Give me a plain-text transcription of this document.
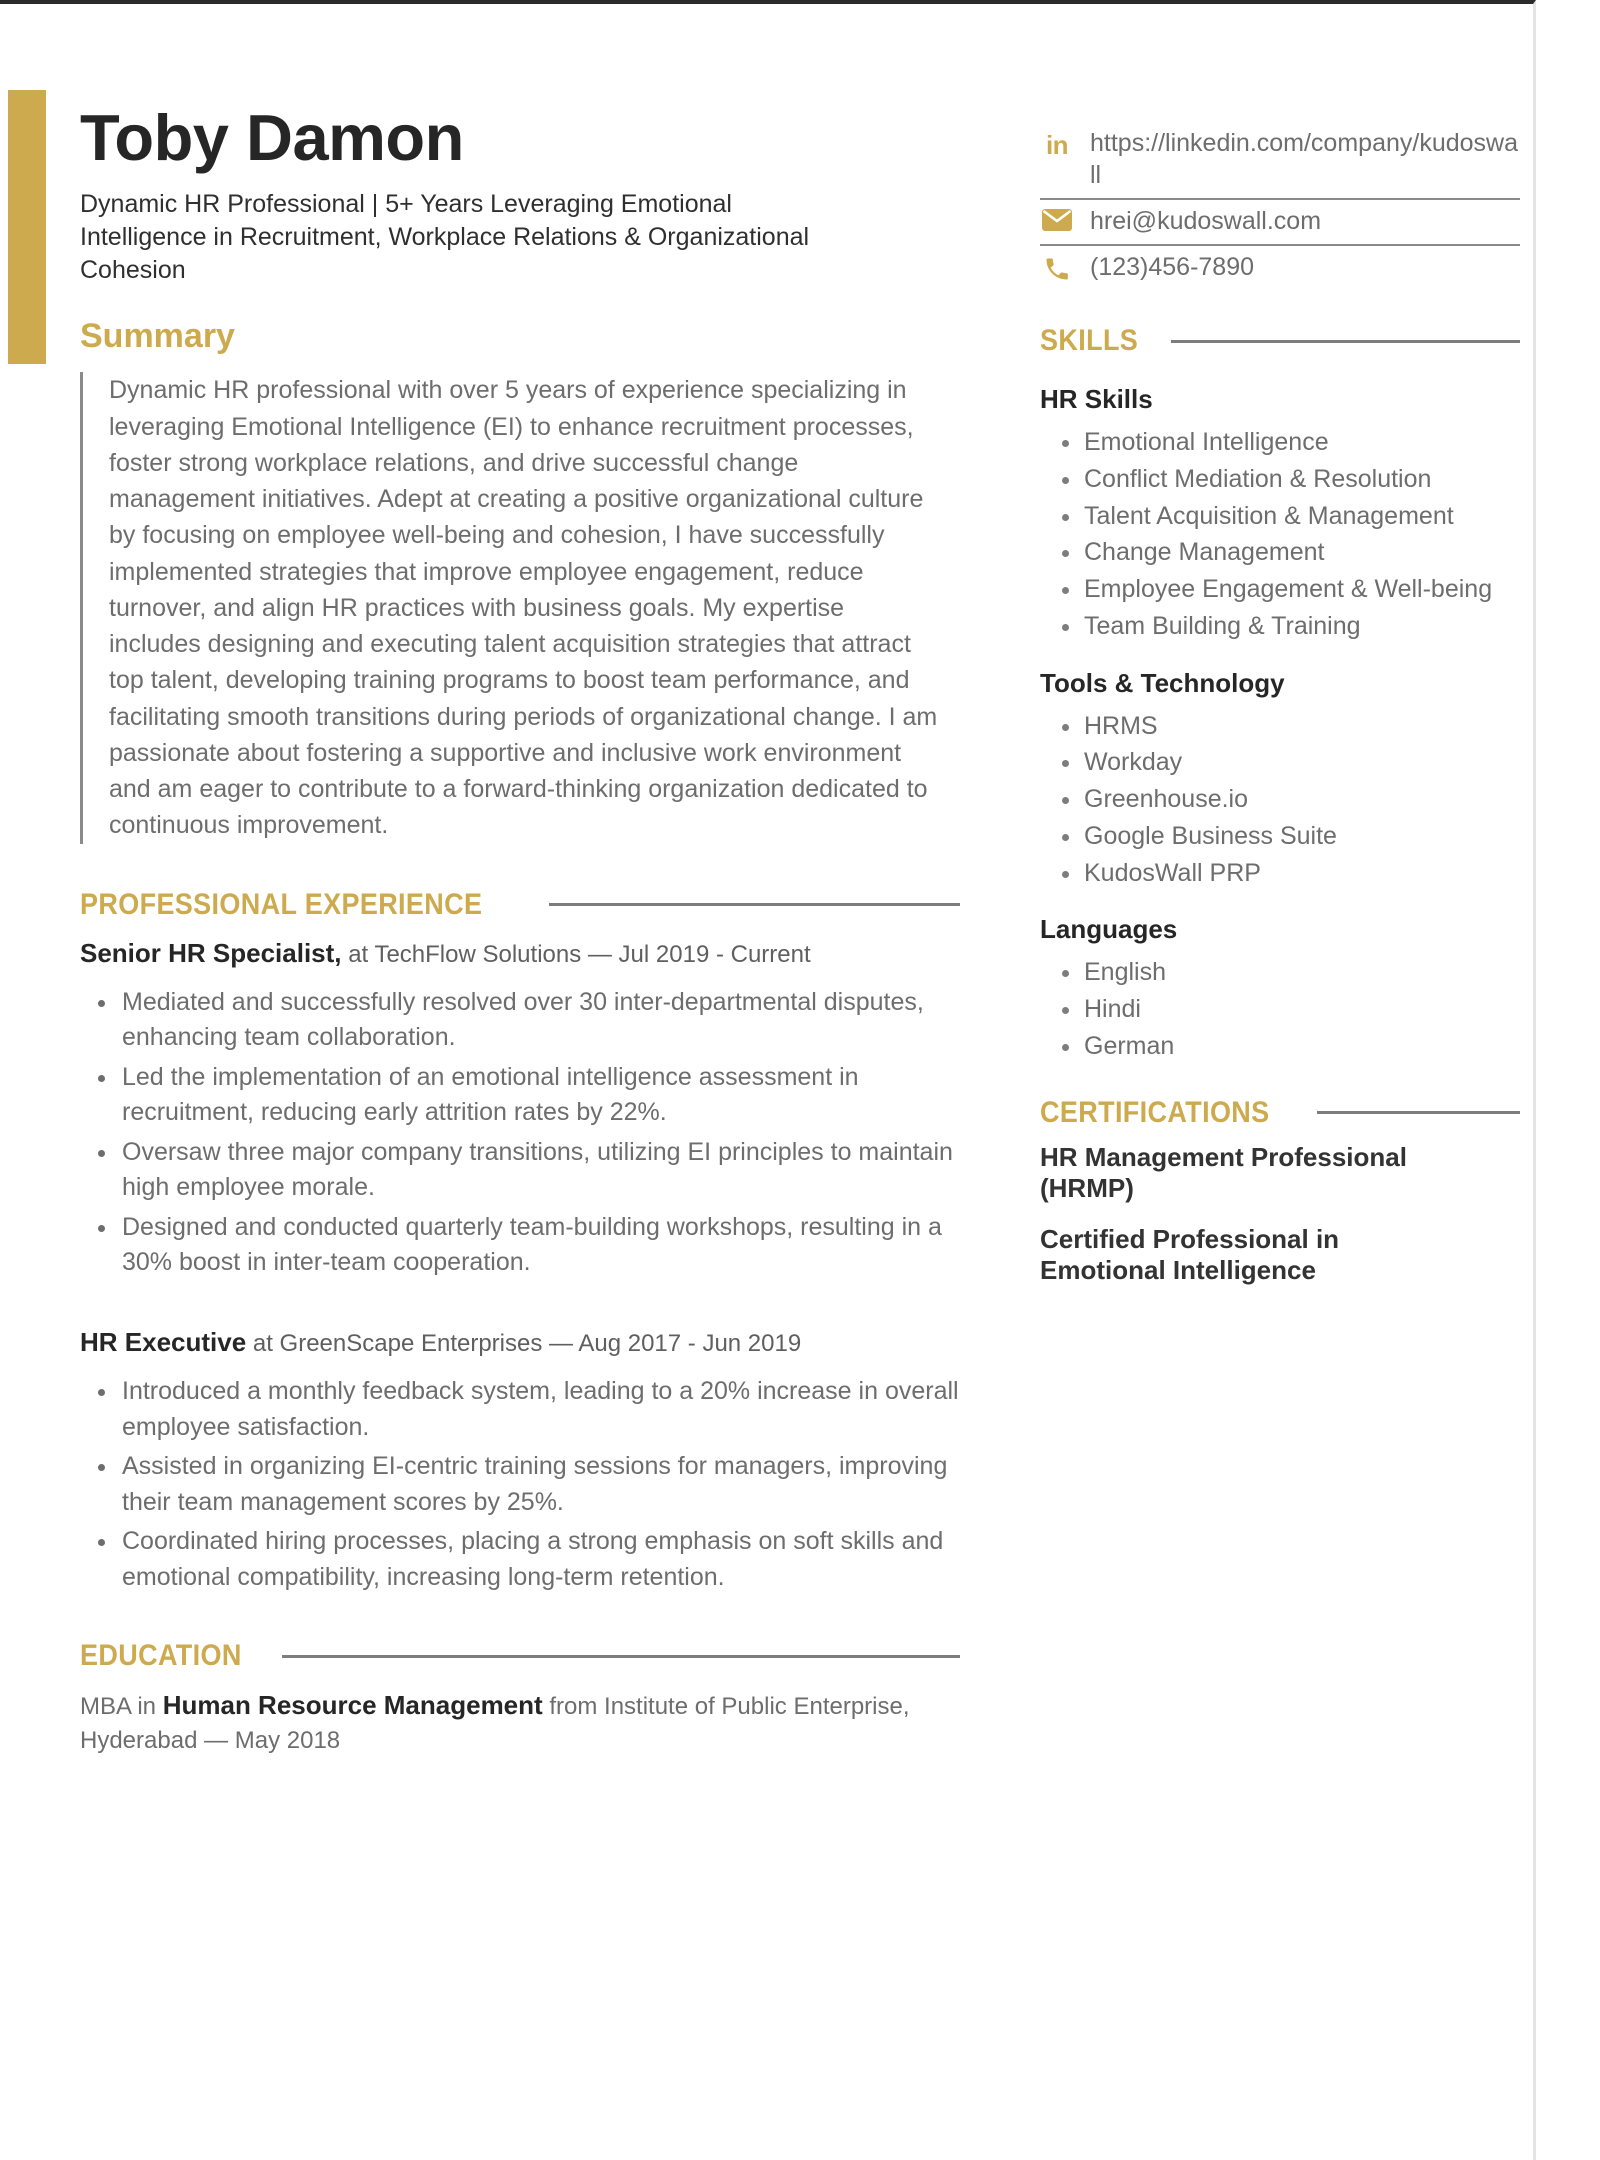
Toby Damon
Dynamic HR Professional | 5+ Years Leveraging Emotional Intelligence in Recruitment, Workplace Relations & Organizational Cohesion
Summary
Dynamic HR professional with over 5 years of experience specializing in leveraging Emotional Intelligence (EI) to enhance recruitment processes, foster strong workplace relations, and drive successful change management initiatives. Adept at creating a positive organizational culture by focusing on employee well-being and cohesion, I have successfully implemented strategies that improve employee engagement, reduce turnover, and align HR practices with business goals. My expertise includes designing and executing talent acquisition strategies that attract top talent, developing training programs to boost team performance, and facilitating smooth transitions during periods of organizational change. I am passionate about fostering a supportive and inclusive work environment and am eager to contribute to a forward-thinking organization dedicated to continuous improvement.
PROFESSIONAL EXPERIENCE
Senior HR Specialist, at TechFlow Solutions — Jul 2019 - Current
Mediated and successfully resolved over 30 inter-departmental disputes, enhancing team collaboration.
Led the implementation of an emotional intelligence assessment in recruitment, reducing early attrition rates by 22%.
Oversaw three major company transitions, utilizing EI principles to maintain high employee morale.
Designed and conducted quarterly team-building workshops, resulting in a 30% boost in inter-team cooperation.
HR Executive at GreenScape Enterprises — Aug 2017 - Jun 2019
Introduced a monthly feedback system, leading to a 20% increase in overall employee satisfaction.
Assisted in organizing EI-centric training sessions for managers, improving their team management scores by 25%.
Coordinated hiring processes, placing a strong emphasis on soft skills and emotional compatibility, increasing long-term retention.
EDUCATION
MBA in Human Resource Management from Institute of Public Enterprise, Hyderabad — May 2018
in https://linkedin.com/company/kudoswall
hrei@kudoswall.com
(123)456-7890
SKILLS
HR Skills
Emotional Intelligence
Conflict Mediation & Resolution
Talent Acquisition & Management
Change Management
Employee Engagement & Well-being
Team Building & Training
Tools & Technology
HRMS
Workday
Greenhouse.io
Google Business Suite
KudosWall PRP
Languages
English
Hindi
German
CERTIFICATIONS
HR Management Professional (HRMP)
Certified Professional in Emotional Intelligence
